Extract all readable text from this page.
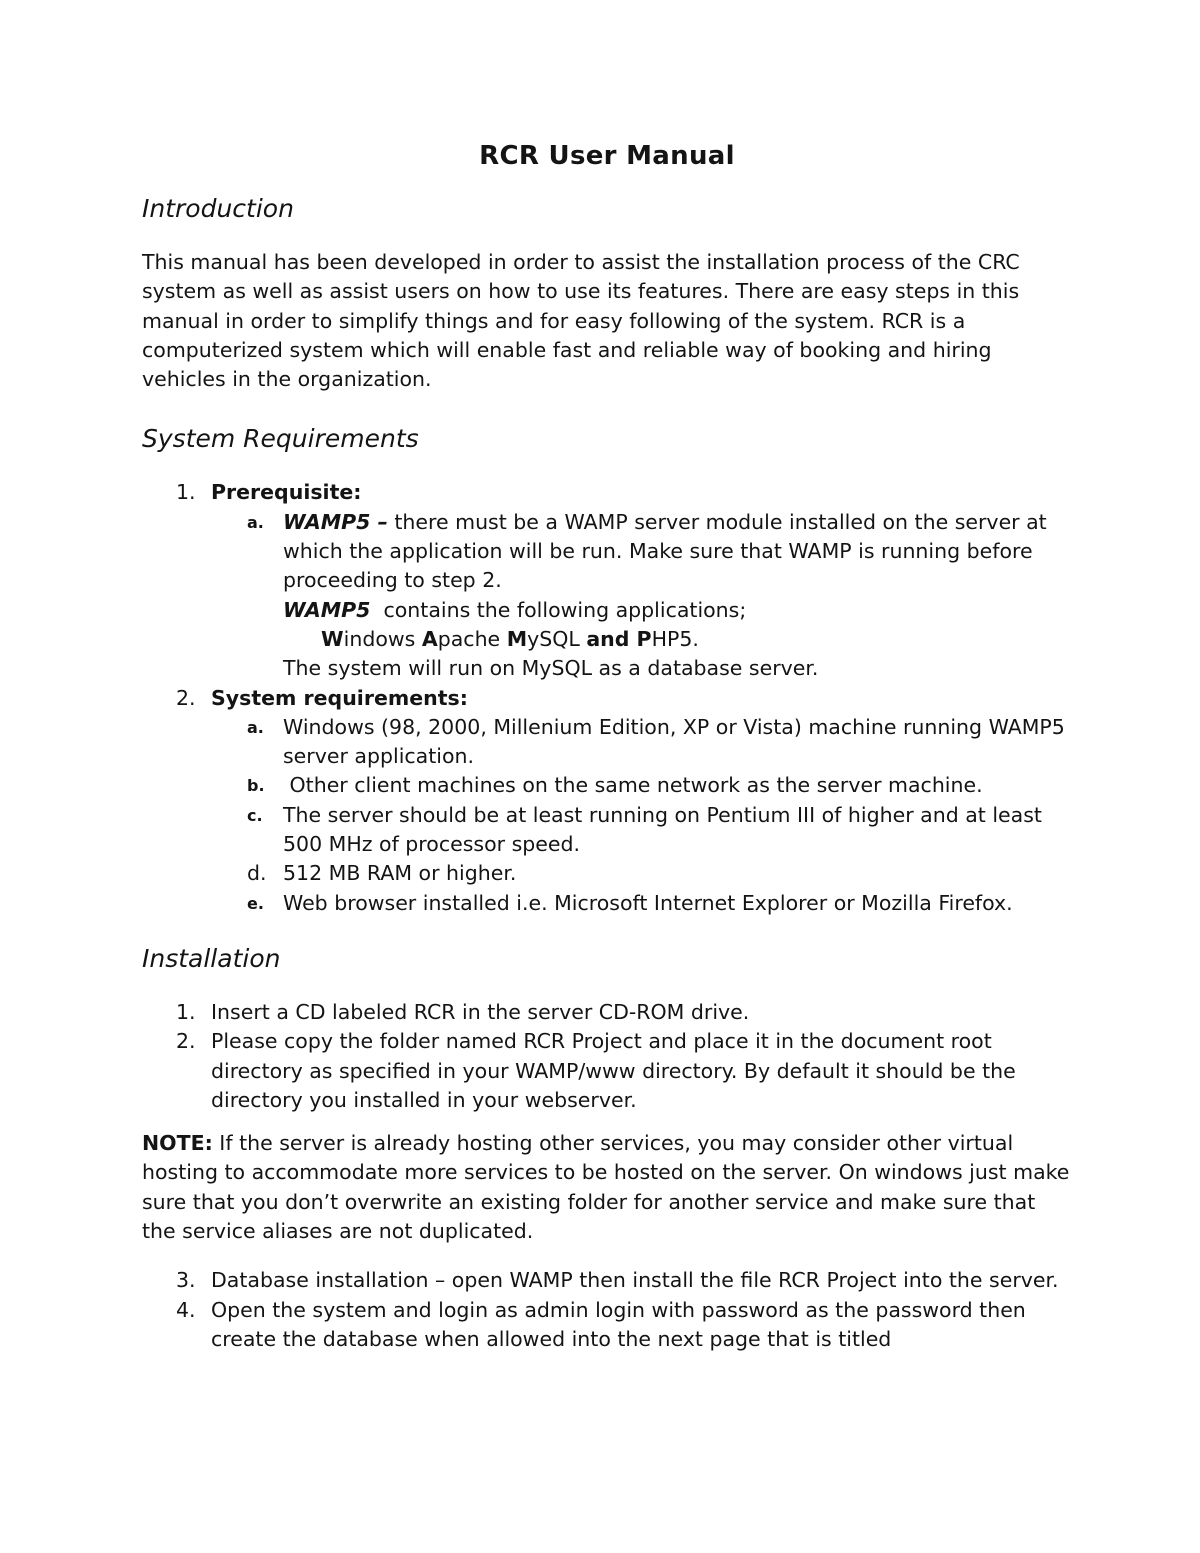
RCR User Manual
Introduction

This manual has been developed in order to assist the installation process of the CRC system as well as assist users on how to use its features. There are easy steps in this manual in order to simplify things and for easy following of the system. RCR is a computerized system which will enable fast and reliable way of booking and hiring vehicles in the organization.

System Requirements
1. Prerequisite:
a. WAMP5 – there must be a WAMP server module installed on the server at which the application will be run. Make sure that WAMP is running before proceeding to step 2.
WAMP5  contains the following applications;
Windows Apache MySQL and PHP5.
The system will run on MySQL as a database server.
2. System requirements:
a. Windows (98, 2000, Millenium Edition, XP or Vista) machine running WAMP5 server application.
b. Other client machines on the same network as the server machine.
c. The server should be at least running on Pentium III of higher and at least 500 MHz of processor speed.
d. 512 MB RAM or higher.
e. Web browser installed i.e. Microsoft Internet Explorer or Mozilla Firefox.
Installation
1. Insert a CD labeled RCR in the server CD-ROM drive.
2. Please copy the folder named RCR Project and place it in the document root directory as specified in your WAMP/www directory. By default it should be the directory you installed in your webserver.

NOTE: If the server is already hosting other services, you may consider other virtual hosting to accommodate more services to be hosted on the server. On windows just make sure that you don’t overwrite an existing folder for another service and make sure that the service aliases are not duplicated.

3. Database installation – open WAMP then install the file RCR Project into the server.
4. Open the system and login as admin login with password as the password then create the database when allowed into the next page that is titled
